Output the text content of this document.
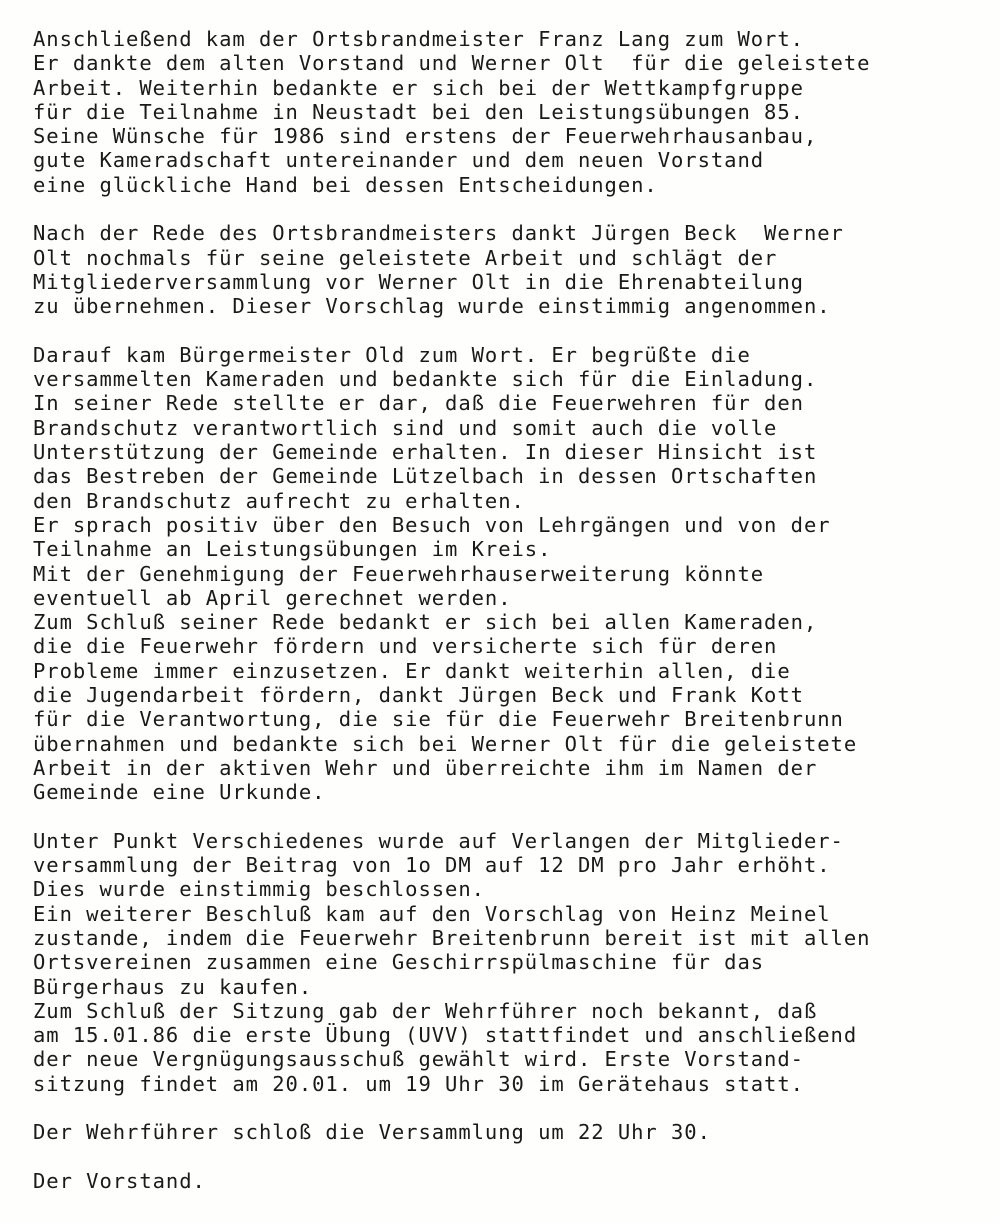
Anschließend kam der Ortsbrandmeister Franz Lang zum Wort.
Er dankte dem alten Vorstand und Werner Olt  für die geleistete
Arbeit. Weiterhin bedankte er sich bei der Wettkampfgruppe
für die Teilnahme in Neustadt bei den Leistungsübungen 85.
Seine Wünsche für 1986 sind erstens der Feuerwehrhausanbau,
gute Kameradschaft untereinander und dem neuen Vorstand
eine glückliche Hand bei dessen Entscheidungen.
Nach der Rede des Ortsbrandmeisters dankt Jürgen Beck  Werner
Olt nochmals für seine geleistete Arbeit und schlägt der
Mitgliederversammlung vor Werner Olt in die Ehrenabteilung
zu übernehmen. Dieser Vorschlag wurde einstimmig angenommen.
Darauf kam Bürgermeister Old zum Wort. Er begrüßte die
versammelten Kameraden und bedankte sich für die Einladung.
In seiner Rede stellte er dar, daß die Feuerwehren für den
Brandschutz verantwortlich sind und somit auch die volle
Unterstützung der Gemeinde erhalten. In dieser Hinsicht ist
das Bestreben der Gemeinde Lützelbach in dessen Ortschaften
den Brandschutz aufrecht zu erhalten.
Er sprach positiv über den Besuch von Lehrgängen und von der
Teilnahme an Leistungsübungen im Kreis.
Mit der Genehmigung der Feuerwehrhauserweiterung könnte
eventuell ab April gerechnet werden.
Zum Schluß seiner Rede bedankt er sich bei allen Kameraden,
die die Feuerwehr fördern und versicherte sich für deren
Probleme immer einzusetzen. Er dankt weiterhin allen, die
die Jugendarbeit fördern, dankt Jürgen Beck und Frank Kott
für die Verantwortung, die sie für die Feuerwehr Breitenbrunn
übernahmen und bedankte sich bei Werner Olt für die geleistete
Arbeit in der aktiven Wehr und überreichte ihm im Namen der
Gemeinde eine Urkunde.
Unter Punkt Verschiedenes wurde auf Verlangen der Mitglieder-
versammlung der Beitrag von 1o DM auf 12 DM pro Jahr erhöht.
Dies wurde einstimmig beschlossen.
Ein weiterer Beschluß kam auf den Vorschlag von Heinz Meinel
zustande, indem die Feuerwehr Breitenbrunn bereit ist mit allen
Ortsvereinen zusammen eine Geschirrspülmaschine für das
Bürgerhaus zu kaufen.
Zum Schluß der Sitzung gab der Wehrführer noch bekannt, daß
am 15.01.86 die erste Übung (UVV) stattfindet und anschließend
der neue Vergnügungsausschuß gewählt wird. Erste Vorstand-
sitzung findet am 20.01. um 19 Uhr 30 im Gerätehaus statt.
Der Wehrführer schloß die Versammlung um 22 Uhr 30.
Der Vorstand.
